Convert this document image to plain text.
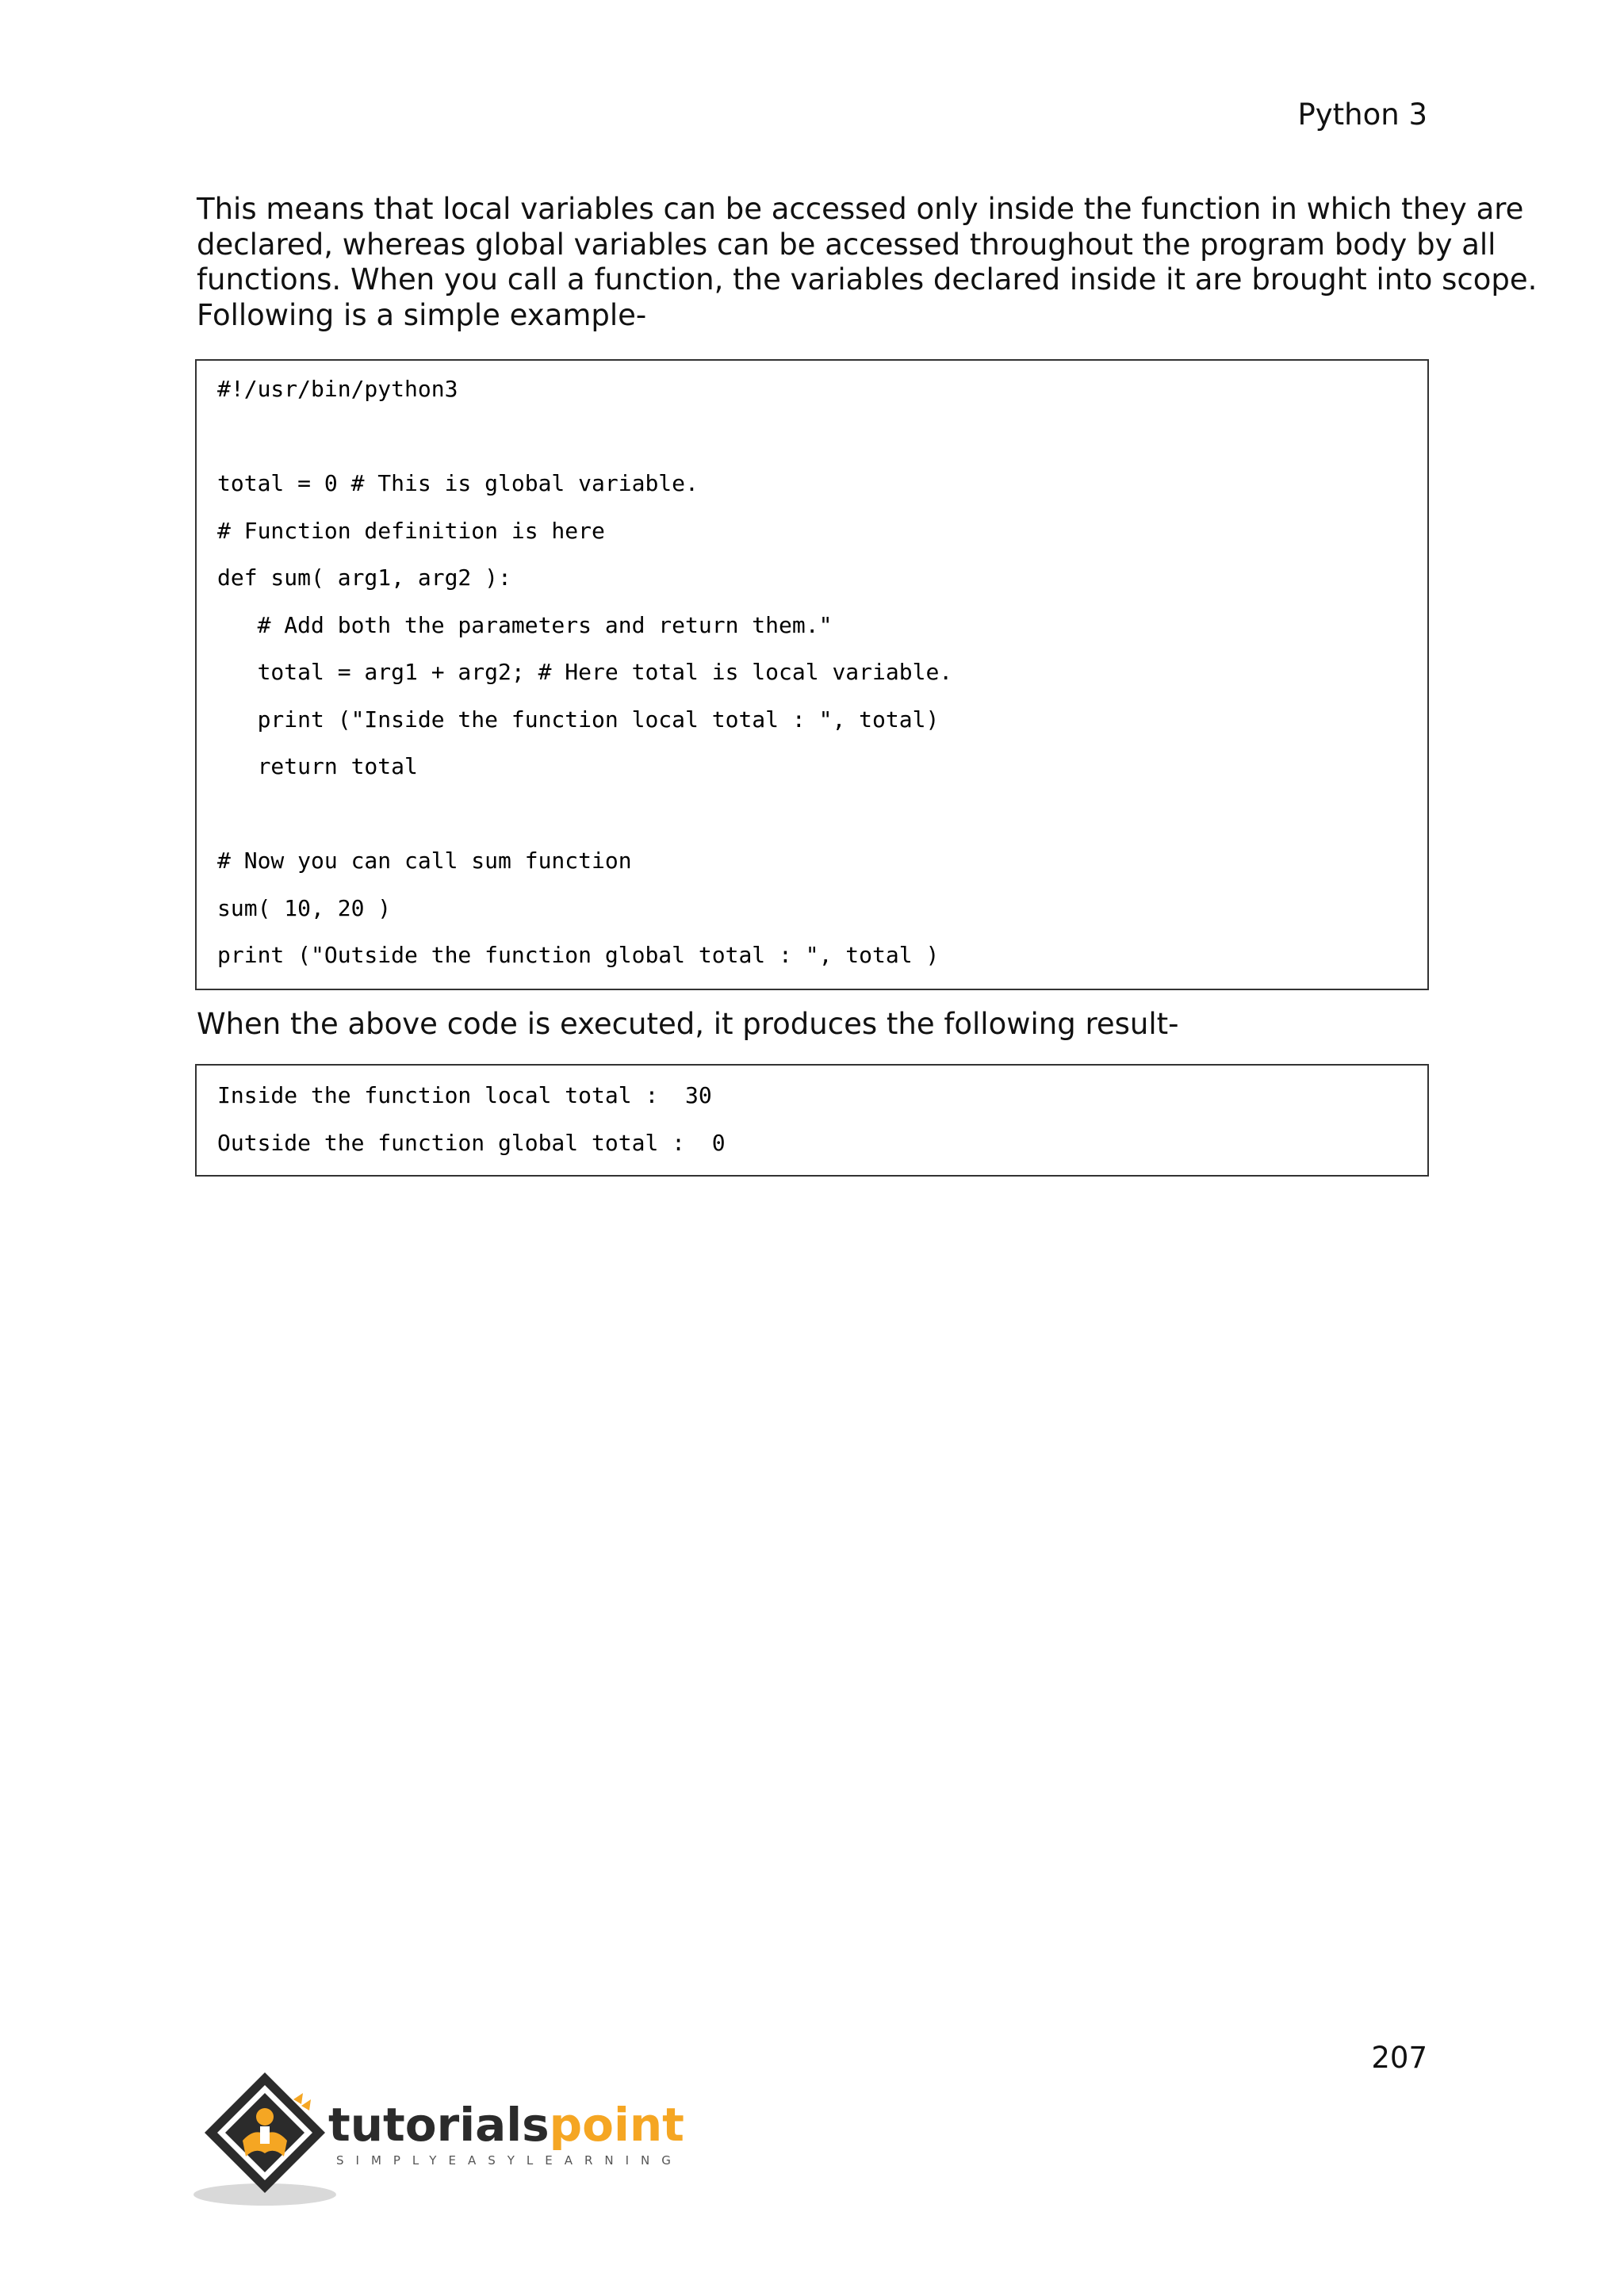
Python 3
This means that local variables can be accessed only inside the function in which they are
declared, whereas global variables can be accessed throughout the program body by all
functions. When you call a function, the variables declared inside it are brought into scope.
Following is a simple example-
#!/usr/bin/python3
total = 0 # This is global variable.
# Function definition is here
def sum( arg1, arg2 ):
# Add both the parameters and return them."
total = arg1 + arg2; # Here total is local variable.
print ("Inside the function local total : ", total)
return total
# Now you can call sum function
sum( 10, 20 )
print ("Outside the function global total : ", total )
When the above code is executed, it produces the following result-
Inside the function local total :  30
Outside the function global total :  0
207
tutorialspoint
SIMPLYEASYLEARNING
